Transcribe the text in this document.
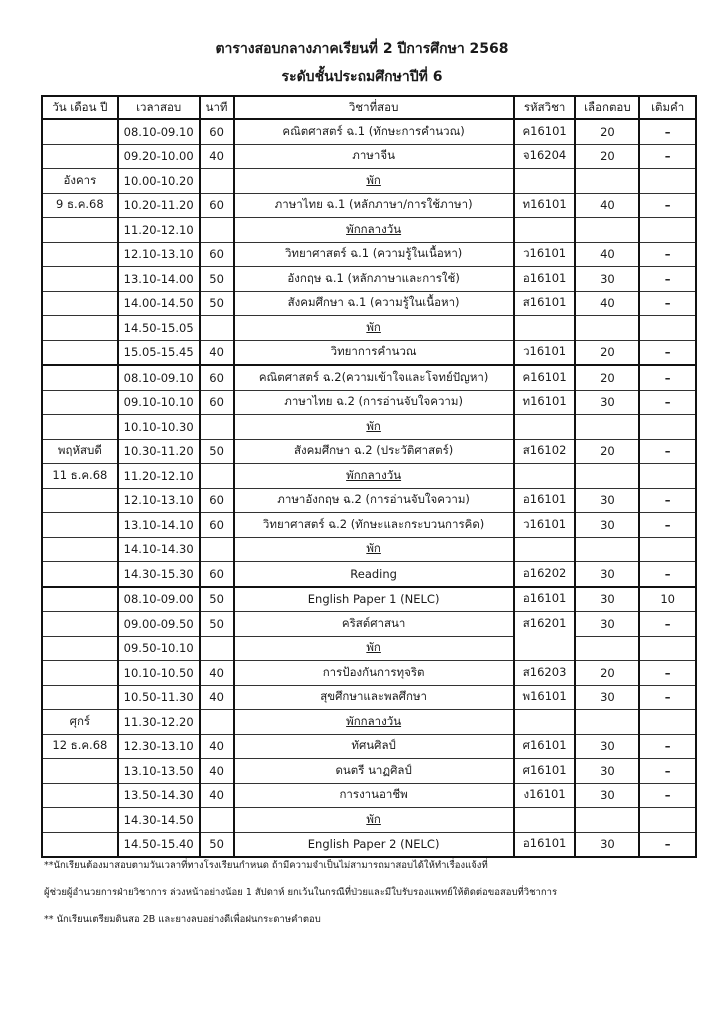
ตารางสอบกลางภาคเรียนที่ 2 ปีการศึกษา 2568
ระดับชั้นประถมศึกษาปีที่ 6
วัน เดือน ปี	เวลาสอบ	นาที	วิชาที่สอบ	รหัสวิชา	เลือกตอบ	เติมคำ
	08.10-09.10	60	คณิตศาสตร์ ฉ.1 (ทักษะการคำนวณ)	ค16101	20	–
	09.20-10.00	40	ภาษาจีน	จ16204	20	–
อังคาร	10.00-10.20		พัก			
9 ธ.ค.68	10.20-11.20	60	ภาษาไทย ฉ.1 (หลักภาษา/การใช้ภาษา)	ท16101	40	–
	11.20-12.10		พักกลางวัน			
	12.10-13.10	60	วิทยาศาสตร์ ฉ.1 (ความรู้ในเนื้อหา)	ว16101	40	–
	13.10-14.00	50	อังกฤษ ฉ.1 (หลักภาษาและการใช้)	อ16101	30	–
	14.00-14.50	50	สังคมศึกษา ฉ.1 (ความรู้ในเนื้อหา)	ส16101	40	–
	14.50-15.05		พัก			
	15.05-15.45	40	วิทยาการคำนวณ	ว16101	20	–
	08.10-09.10	60	คณิตศาสตร์ ฉ.2(ความเข้าใจและโจทย์ปัญหา)	ค16101	20	–
	09.10-10.10	60	ภาษาไทย ฉ.2 (การอ่านจับใจความ)	ท16101	30	–
	10.10-10.30		พัก			
พฤหัสบดี	10.30-11.20	50	สังคมศึกษา ฉ.2 (ประวัติศาสตร์)	ส16102	20	–
11 ธ.ค.68	11.20-12.10		พักกลางวัน			
	12.10-13.10	60	ภาษาอังกฤษ ฉ.2 (การอ่านจับใจความ)	อ16101	30	–
	13.10-14.10	60	วิทยาศาสตร์ ฉ.2 (ทักษะและกระบวนการคิด)	ว16101	30	–
	14.10-14.30		พัก			
	14.30-15.30	60	Reading	อ16202	30	–
	08.10-09.00	50	English Paper 1 (NELC)	อ16101	30	10
	09.00-09.50	50	คริสต์ศาสนา	ส16201	30	–
	09.50-10.10		พัก			
	10.10-10.50	40	การป้องกันการทุจริต	ส16203	20	–
	10.50-11.30	40	สุขศึกษาและพลศึกษา	พ16101	30	–
ศุกร์	11.30-12.20		พักกลางวัน			
12 ธ.ค.68	12.30-13.10	40	ทัศนศิลป์	ศ16101	30	–
	13.10-13.50	40	ดนตรี นาฏศิลป์	ศ16101	30	–
	13.50-14.30	40	การงานอาชีพ	ง16101	30	–
	14.30-14.50		พัก			
	14.50-15.40	50	English Paper 2 (NELC)	อ16101	30	–
**นักเรียนต้องมาสอบตามวันเวลาที่ทางโรงเรียนกำหนด ถ้ามีความจำเป็นไม่สามารถมาสอบได้ให้ทำเรื่องแจ้งที่
ผู้ช่วยผู้อำนวยการฝ่ายวิชาการ ล่วงหน้าอย่างน้อย 1 สัปดาห์ ยกเว้นในกรณีที่ป่วยและมีใบรับรองแพทย์ให้ติดต่อขอสอบที่วิชาการ
** นักเรียนเตรียมดินสอ 2B และยางลบอย่างดีเพื่อฝนกระดาษคำตอบ
